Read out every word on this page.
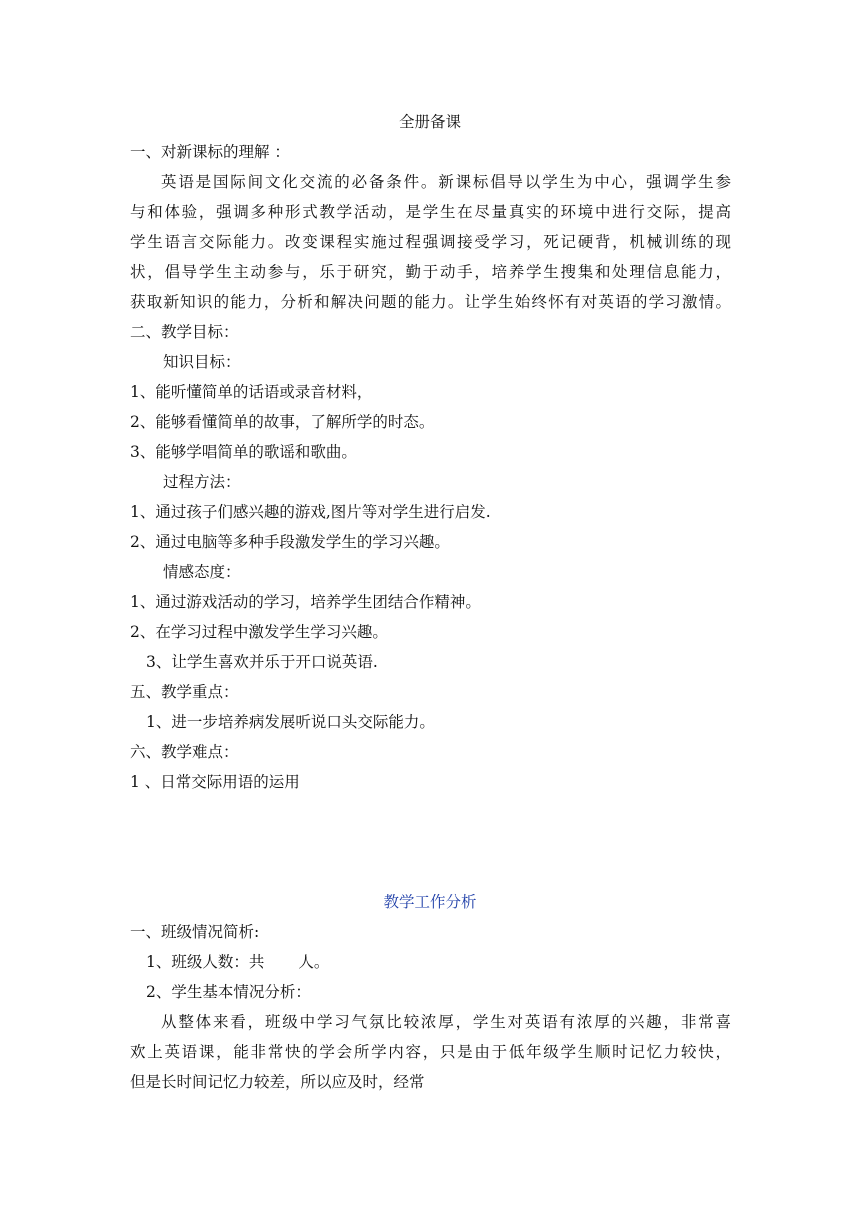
全册备课
一、对新课标的理解 ：
英语是国际间文化交流的必备条件。新课标倡导以学生为中心，强调学生参
与和体验，强调多种形式教学活动，是学生在尽量真实的环境中进行交际，提高
学生语言交际能力。改变课程实施过程强调接受学习，死记硬背，机械训练的现
状，倡导学生主动参与，乐于研究，勤于动手，培养学生搜集和处理信息能力，
获取新知识的能力，分析和解决问题的能力。让学生始终怀有对英语的学习激情。
二、教学目标：
知识目标：
1、能听懂简单的话语或录音材料，
2、能够看懂简单的故事，了解所学的时态。
3、能够学唱简单的歌谣和歌曲。
过程方法：
1、通过孩子们感兴趣的游戏,图片等对学生进行启发.
2、通过电脑等多种手段激发学生的学习兴趣。
情感态度：
1、通过游戏活动的学习，培养学生团结合作精神。
2、在学习过程中激发学生学习兴趣。
3、让学生喜欢并乐于开口说英语.
五、教学重点：
1、进一步培养病发展听说口头交际能力。
六、教学难点：
1 、日常交际用语的运用
教学工作分析
一、班级情况简析:
1、班级人数：共 人。
2、学生基本情况分析：
从整体来看，班级中学习气氛比较浓厚，学生对英语有浓厚的兴趣，非常喜
欢上英语课，能非常快的学会所学内容，只是由于低年级学生顺时记忆力较快，
但是长时间记忆力较差，所以应及时，经常
